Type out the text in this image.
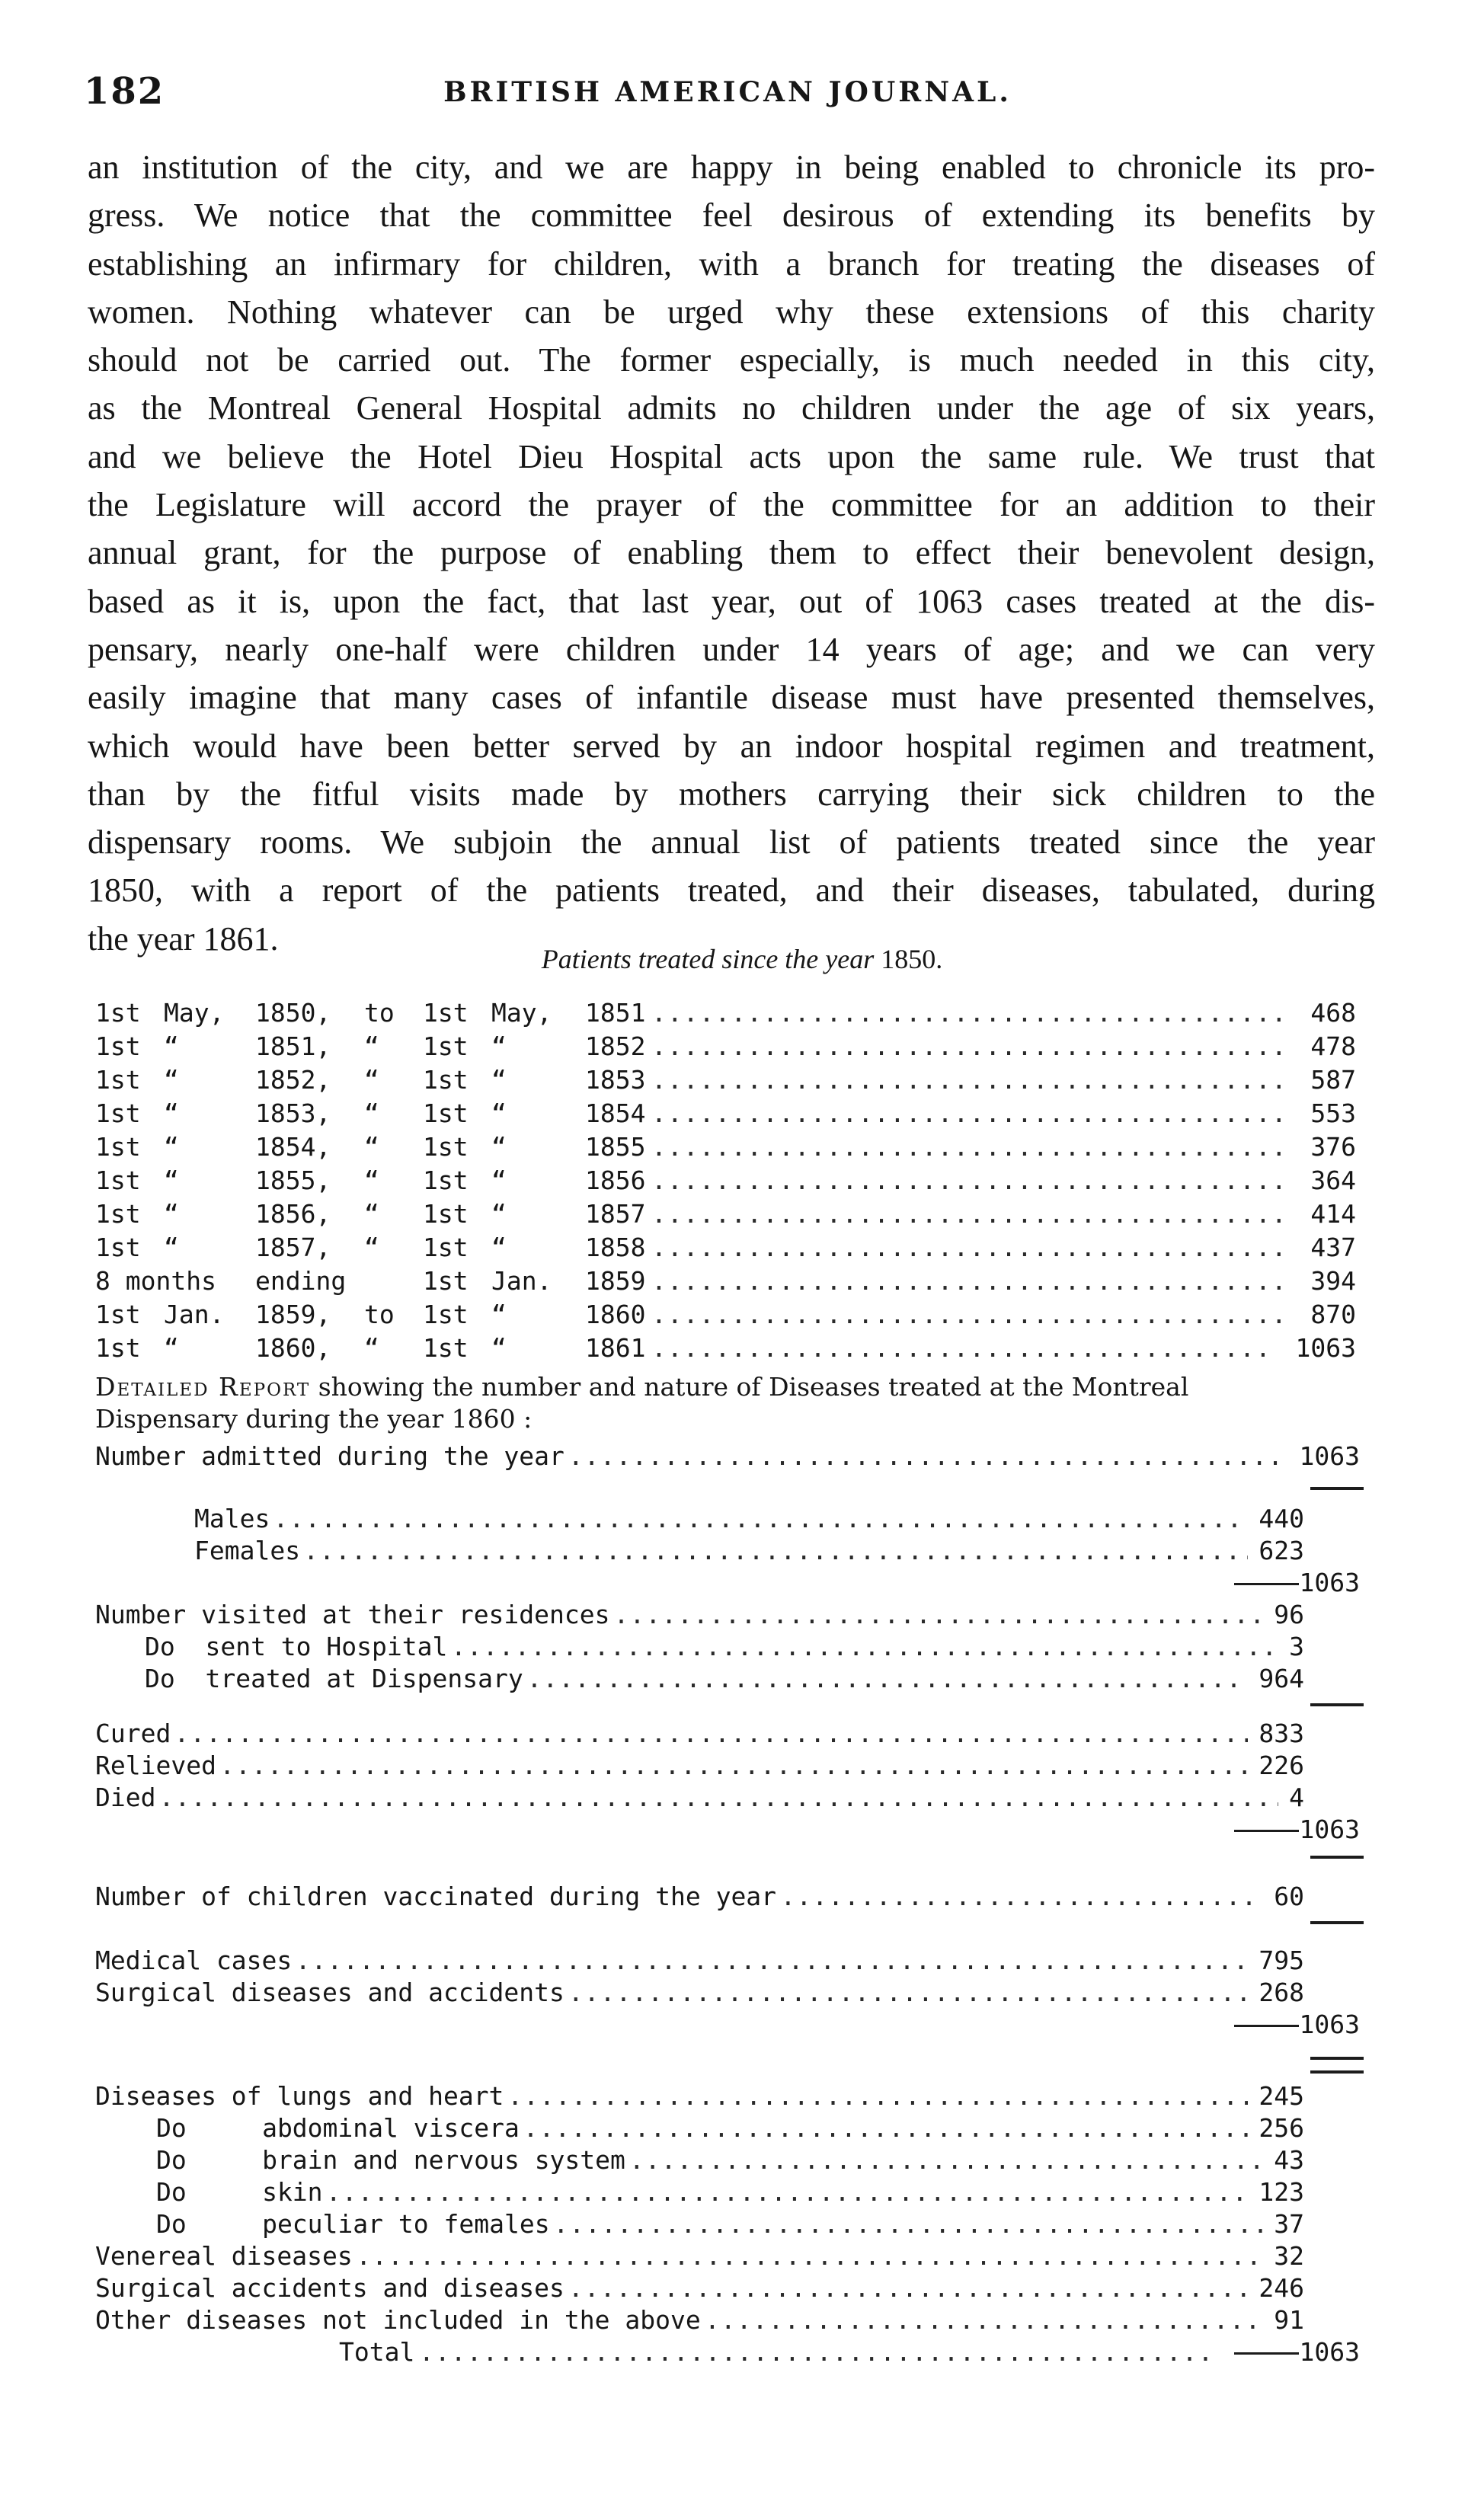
182	BRITISH AMERICAN JOURNAL.

an institution of the city, and we are happy in being enabled to chronicle its pro-
gress. We notice that the committee feel desirous of extending its benefits by
establishing an infirmary for children, with a branch for treating the diseases of
women. Nothing whatever can be urged why these extensions of this charity
should not be carried out. The former especially, is much needed in this city,
as the Montreal General Hospital admits no children under the age of six years,
and we believe the Hotel Dieu Hospital acts upon the same rule. We trust that
the Legislature will accord the prayer of the committee for an addition to their
annual grant, for the purpose of enabling them to effect their benevolent design,
based as it is, upon the fact, that last year, out of 1063 cases treated at the dis-
pensary, nearly one-half were children under 14 years of age; and we can very
easily imagine that many cases of infantile disease must have presented themselves,
which would have been better served by an indoor hospital regimen and treatment,
than by the fitful visits made by mothers carrying their sick children to the
dispensary rooms. We subjoin the annual list of patients treated since the year
1850, with a report of the patients treated, and their diseases, tabulated, during
the year 1861.

Patients treated since the year 1850.
1st May, 1850, to 1st May, 1851 .....	468
1st “	1851, “ 1st “	1852 .....	478
1st “	1852, “ 1st “	1853 .....	587
1st “	1853, “ 1st “	1854 .....	553
1st “	1854, “ 1st “	1855 .....	376
1st “	1855, “ 1st “	1856 .....	364
1st “	1856, “ 1st “	1857 .....	414
1st “	1857, “ 1st “	1858 .....	437
8 months ending	1st Jan. 1859 .....	394
1st Jan. 1859, to 1st “	1860 .....	870
1st “	1860, “ 1st “	1861 .....	1063
Detailed Report showing the number and nature of Diseases treated at the Montreal
Dispensary during the year 1860 :
Number admitted during the year .....	1063
Males .....	440
Females .....	623
1063
Number visited at their residences .....	96
Do  sent to Hospital .....	3
Do  treated at Dispensary .....	964
Cured .....	833
Relieved .....	226
Died .....	4
1063
Number of children vaccinated during the year .....	60
Medical cases .....	795
Surgical diseases and accidents .....	268
1063
Diseases of lungs and heart .....	245
Do     abdominal viscera .....	256
Do     brain and nervous system .....	43
Do     skin .....	123
Do     peculiar to females .....	37
Venereal diseases .....	32
Surgical accidents and diseases .....	246
Other diseases not included in the above .....	91
Total .....	1063
